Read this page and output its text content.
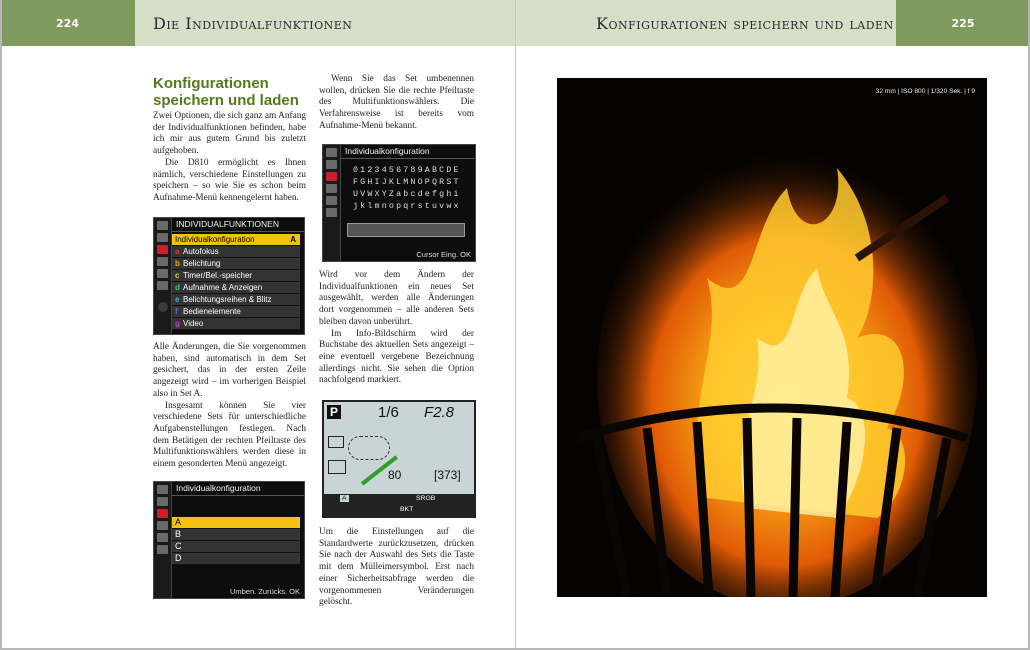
224	Die Individualfunktionen
Konfigurationen speichern und laden

Zwei Optionen, die sich ganz am Anfang der Individualfunktionen befinden, habe ich mir aus gutem Grund bis zuletzt aufgehoben.

Die D810 ermöglicht es Ihnen nämlich, verschiedene Einstellungen zu speichern – so wie Sie es schon beim Aufnahme-Menü kennengelernt haben.

INDIVIDUALFUNKTIONEN
Individualkonfiguration	A
a Autofokus
b Belichtung
c Timer/Bel.-speicher
d Aufnahme & Anzeigen
e Belichtungsreihen & Blitz
f Bedienelemente
g Video

Alle Änderungen, die Sie vorgenommen haben, sind automatisch in dem Set gesichert, das in der ersten Zeile angezeigt wird – im vorherigen Beispiel also in Set A.

Insgesamt können Sie vier verschiedene Sets für unterschiedliche Aufgabenstellungen festlegen. Nach dem Betätigen der rechten Pfeiltaste des Multifunktionswählers werden diese in einem gesonderten Menü angezeigt.

Individualkonfiguration
A
B
C
D
Umben. Zurücks. OK

Wenn Sie das Set umbenennen wollen, drücken Sie die rechte Pfeiltaste des Multifunktionswählers. Die Verfahrensweise ist bereits vom Aufnahme-Menü bekannt.

Individualkonfiguration
0123456789ABCDE
FGHIJKLMNOPQRST
UVWXYZabcdefghi
jklmnopqrstuvwx
Cursor Eing. OK

Wird vor dem Ändern der Individualfunktionen ein neues Set ausgewählt, werden alle Änderungen dort vorgenommen – alle anderen Sets bleiben davon unberührt.

Im Info-Bildschirm wird der Buchstabe des aktuellen Sets angezeigt – eine eventuell vergebene Bezeichnung allerdings nicht. Sie sehen die Option nachfolgend markiert.

P	1/6 F2.8
80	[373]
A	SRGB
BKT

Um die Einstellungen auf die Standardwerte zurückzusetzen, drücken Sie nach der Auswahl des Sets die Taste mit dem Mülleimersymbol. Erst nach einer Sicherheitsabfrage werden die vorgenommenen Veränderungen gelöscht.

Konfigurationen speichern und laden	225
32 mm | ISO 800 | 1/320 Sek. | f 9
